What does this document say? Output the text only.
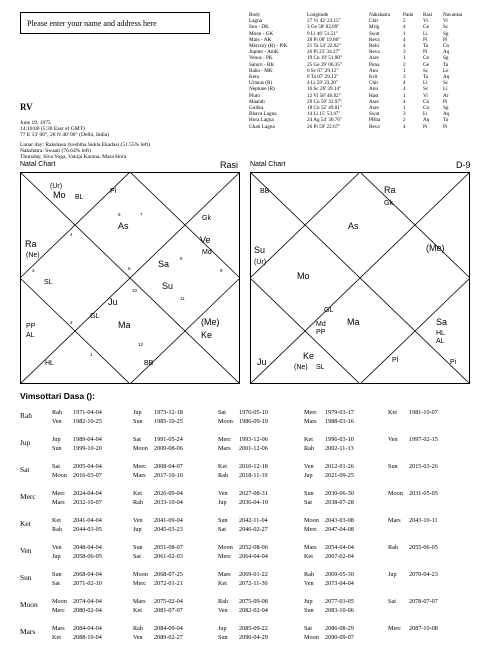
Please enter your name and address here
RV
June 19, 1975
14:10:00 (5:30 East of GMT)
77 E 13' 00", 28 N 40' 00" (Delhi, India)
Lunar day: Rakshasa Jyeshtha Sukla Ekadasi (51.55% left)
Nakshatra: Swaati (76.64% left)
Thursday, Siva Yoga, Vanija Karana, Mara Hora
Body	Longitude	Nakshatra	Pada	Rasi	Navamsa
Lagna	27 Vi 43' 23.15"	Chit	2	Vi	Vi
Sun - DK	3 Ge 58' 02.89"	Mrig	4	Ge	Sc
Moon - GK	9 Li 46' 51.51"	Swat	1	Li	Sg
Mars - AK	28 Pi 00' 19.86"	Reva	4	Pi	Pi
Mercury (R) - PiK	21 Ta 54' 22.62"	Rohi	4	Ta	Cn
Jupiter - AmK	26 Pi 25' 34.27"	Reva	3	Pi	Aq
Venus - PK	19 Cn 19' 51.90"	Asre	1	Cn	Sg
Saturn - BK	25 Ge 39' 06.35"	Puna	2	Ge	Ta
Rahu - MK	6 Sc 07' 29.12"	Anu	1	Sc	Le
Ketu	6 Ta 07' 29.12"	Krit	3	Ta	Aq
Uranus (R)	4 Li 59' 23.20"	Chit	4	Li	Sc
Neptune (R)	16 Sc 26' 39.14"	Anu	4	Sc	Li
Pluto	12 Vi 58' 46.82"	Hast	1	Vi	Ar
Maandi	29 Cn 59' 32.97"	Asre	4	Cn	Pi
Gulika	18 Cn 52' 49.81"	Asre	1	Cn	Sg
Bhava Lagna	14 Li 15' 53.47"	Swat	3	Li	Aq
Hora Lagna	24 Ag 54' 30.76"	PBha	2	Aq	Ta
Ghati Lagna	26 Pi 59' 22.67"	Reva	4	Pi	Pi
Natal Chart	Rasi
As
Pl
(Ur)
Mo BL
Ra
(Ne)
SL
PP
AL
HL
Ju
Ma
GL
BB
Sa
Su
Gk
Ve
Md
(Me)
Ke
6
5	7
8
9
10
11
12
1
2
3
4
Natal Chart	D-9
BB	Ra
Gk
Su
(Ur)
As
(Me)
Mo
GL
Pl
Ma
Md
PP
Sa
HL
AL
Ju
Ke
(Ne) SL
Pi
Vimsottari Dasa ():
Rah	Rah 1971-04-04	Jup 1973-12-18	Sat 1976-05-10	Merc 1979-03-17	Ket 1981-10-07
Ven 1982-10-25	Sun 1985-10-25	Moon 1986-09-19	Mars 1988-03-16
Jup	Jup 1989-04-04	Sat 1991-05-24	Merc 1993-12-06	Ket 1996-03-10	Ven 1997-02-15
Sun 1999-10-20	Moon 2000-08-06	Mars 2001-12-06	Rah 2002-11-13
Sat	Sat 2005-04-04	Merc 2008-04-07	Ket 2010-12-18	Ven 2012-01-26	Sun 2015-03-26
Moon 2016-03-07	Mars 2017-10-10	Rah 2018-11-19	Jup 2021-09-25
Merc	Merc 2024-04-04	Ket 2026-09-04	Ven 2027-08-31	Sun 2030-06-30	Moon 2031-05-05
Mars 2032-10-07	Rah 2033-10-04	Jup 2036-04-19	Sat 2038-07-28
Ket	Ket 2041-04-04	Ven 2041-09-04	Sun 2042-11-04	Moon 2043-03-08	Mars 2043-10-11
Rah 2044-03-05	Jup 2045-03-23	Sat 2046-02-27	Merc 2047-04-08
Ven	Ven 2048-04-04	Sun 2051-08-07	Moon 2052-08-06	Mars 2054-04-04	Rah 2055-06-05
Jup 2058-06-05	Sat 2061-02-03	Merc 2064-04-04	Ket 2067-02-04
Sun	Sun 2068-04-04	Moon 2068-07-25	Mars 2069-01-22	Rah 2069-05-30	Jup 2070-04-23
Sat 2071-02-10	Merc 2072-01-21	Ket 2072-11-30	Ven 2073-04-04
Moon Moon 2074-04-04	Mars 2075-02-04	Rah 2075-09-08	Jup 2077-03-05	Sat 2078-07-07
Merc 2080-02-04	Ket 2081-07-07	Ven 2082-02-04	Sun 2083-10-06
Mars	Mars 2084-04-04	Rah 2084-09-04	Jup 2085-09-22	Sat 2086-08-29	Merc 2087-10-08
Ket 2088-10-04	Ven 2089-02-27	Sun 2090-04-29	Moon 2090-09-07
